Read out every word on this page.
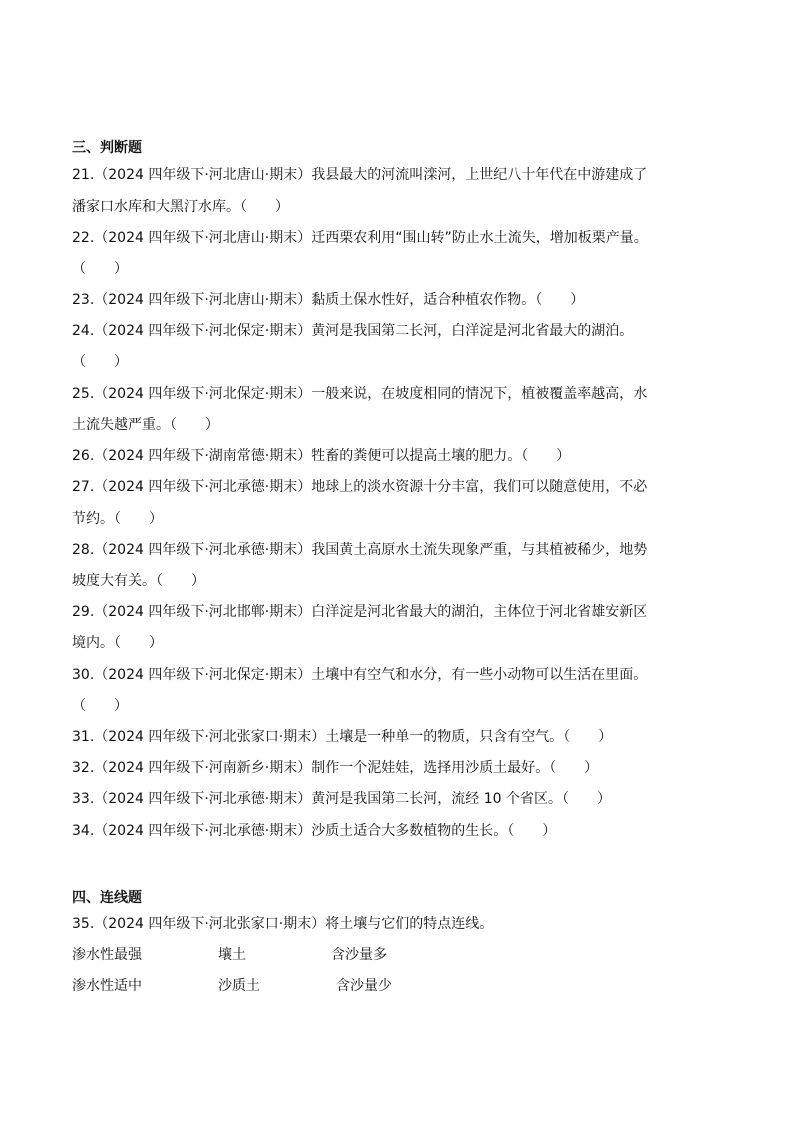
三、判断题
21.（2024 四年级下·河北唐山·期末）我县最大的河流叫滦河，上世纪八十年代在中游建成了
潘家口水库和大黑汀水库。（　　）
22.（2024 四年级下·河北唐山·期末）迁西栗农利用“围山转”防止水土流失，增加板栗产量。
（　　）
23.（2024 四年级下·河北唐山·期末）黏质土保水性好，适合种植农作物。（　　）
24.（2024 四年级下·河北保定·期末）黄河是我国第二长河，白洋淀是河北省最大的湖泊。
（　　）
25.（2024 四年级下·河北保定·期末）一般来说，在坡度相同的情况下，植被覆盖率越高，水
土流失越严重。（　　）
26.（2024 四年级下·湖南常德·期末）牲畜的粪便可以提高土壤的肥力。（　　）
27.（2024 四年级下·河北承德·期末）地球上的淡水资源十分丰富，我们可以随意使用，不必
节约。（　　）
28.（2024 四年级下·河北承德·期末）我国黄土高原水土流失现象严重，与其植被稀少，地势
坡度大有关。（　　）
29.（2024 四年级下·河北邯郸·期末）白洋淀是河北省最大的湖泊，主体位于河北省雄安新区
境内。（　　）
30.（2024 四年级下·河北保定·期末）土壤中有空气和水分，有一些小动物可以生活在里面。
（　　）
31.（2024 四年级下·河北张家口·期末）土壤是一种单一的物质，只含有空气。（　　）
32.（2024 四年级下·河南新乡·期末）制作一个泥娃娃，选择用沙质土最好。（　　）
33.（2024 四年级下·河北承德·期末）黄河是我国第二长河，流经 10 个省区。（　　）
34.（2024 四年级下·河北承德·期末）沙质土适合大多数植物的生长。（　　）
四、连线题
35.（2024 四年级下·河北张家口·期末）将土壤与它们的特点连线。
渗水性最强	壤土	含沙量多
渗水性适中	沙质土	含沙量少
